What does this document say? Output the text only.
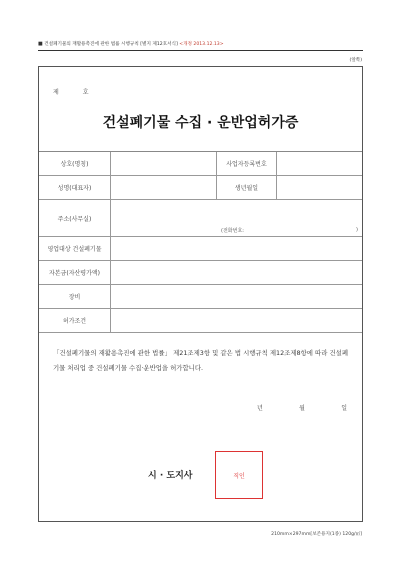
■ 건설폐기물의 재활용촉진에 관한 법률 시행규칙 [별지 제12호서식] <개정 2013.12.13>
(앞쪽)
제호
건설폐기물 수집 · 운반업허가증
상호(명칭)	사업자등록번호
성명(대표자)	생년월일
주소(사무실)
(전화번호:	)
영업대상 건설폐기물
자본금(자산평가액)
장비
허가조건
「건설폐기물의 재활용촉진에 관한 법률」 제21조제3항 및 같은 법 시행규칙 제12조제8항에 따라 건설폐기물 처리업 중 건설폐기물 수집·운반업을 허가합니다.
년	월	일
시 · 도지사	직인
210mm×297mm[보존용지(1종) 120g/㎡]
